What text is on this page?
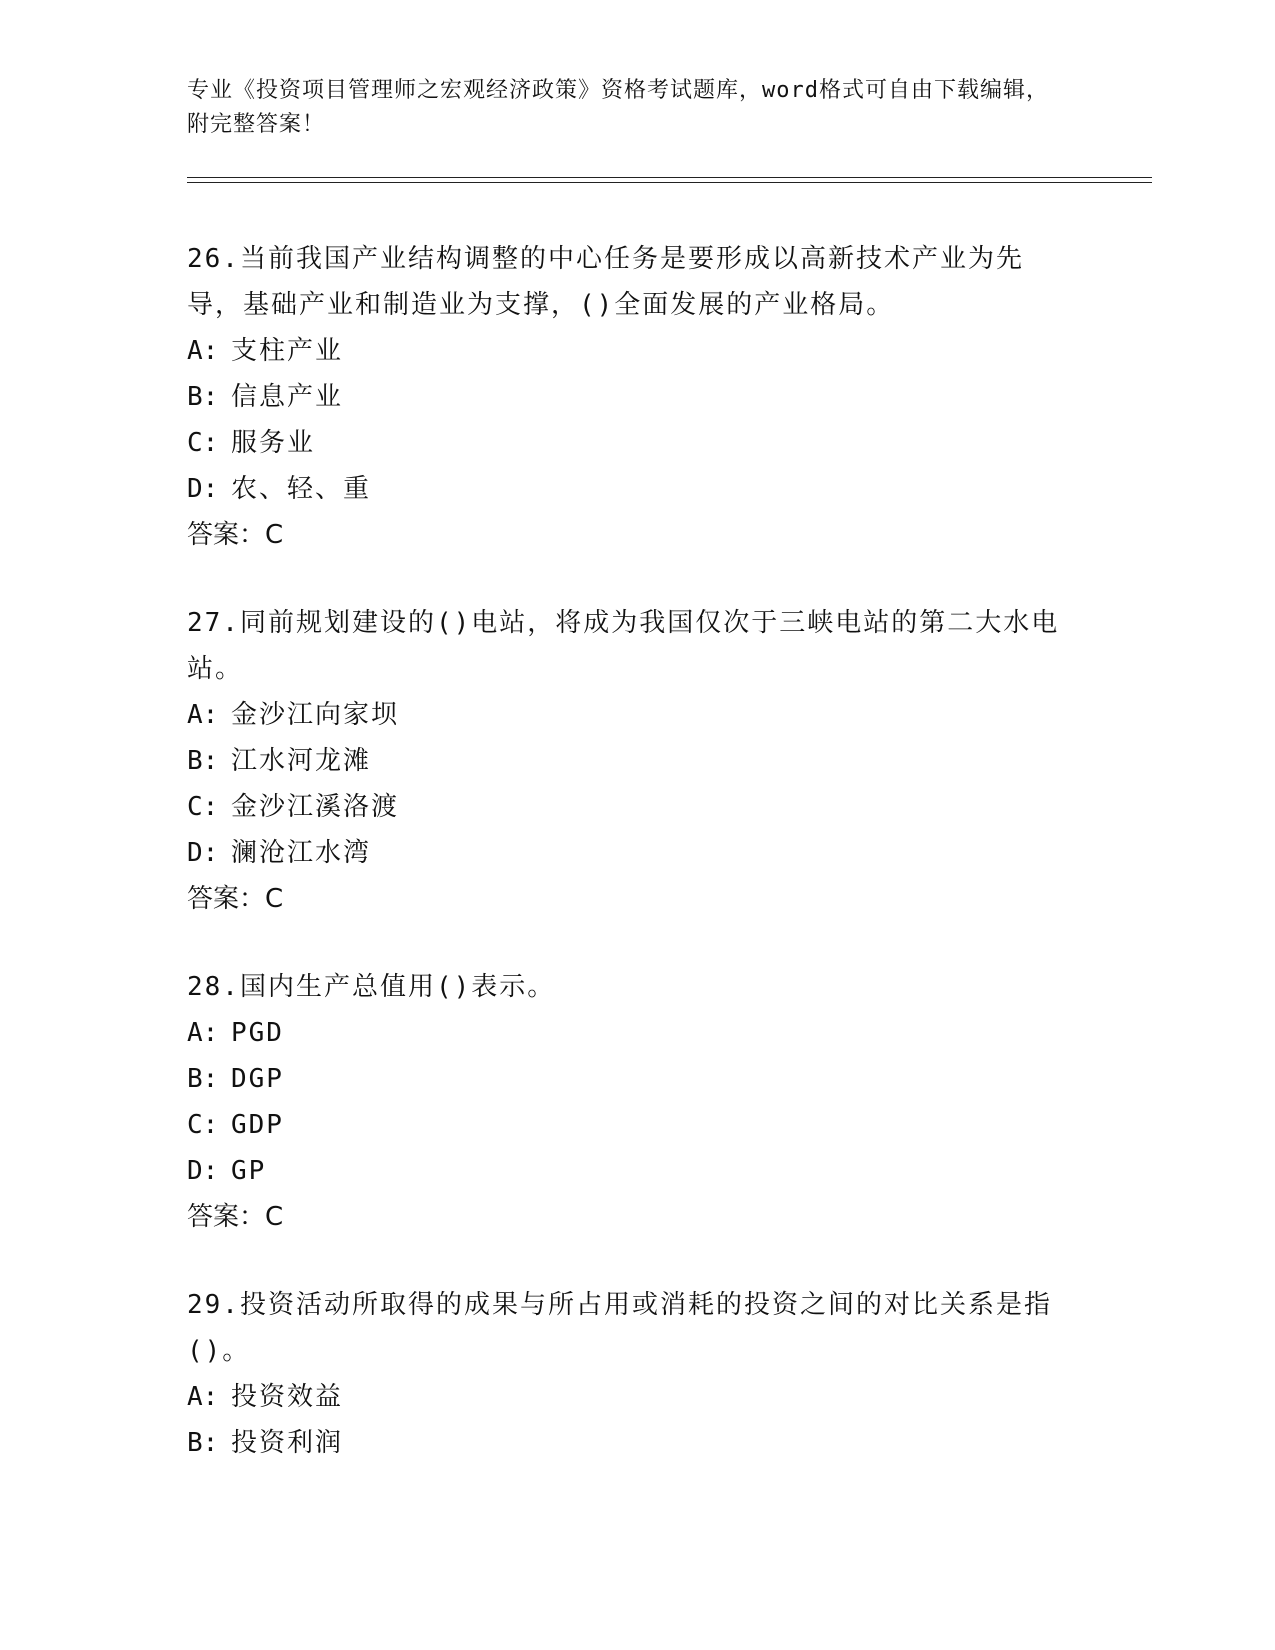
专业《投资项目管理师之宏观经济政策》资格考试题库，word格式可自由下载编辑，附完整答案！
26.当前我国产业结构调整的中心任务是要形成以高新技术产业为先导，基础产业和制造业为支撑，()全面发展的产业格局。
A: 支柱产业
B: 信息产业
C: 服务业
D: 农、轻、重
答案：C
27.同前规划建设的()电站，将成为我国仅次于三峡电站的第二大水电站。
A: 金沙江向家坝
B: 江水河龙滩
C: 金沙江溪洛渡
D: 澜沧江水湾
答案：C
28.国内生产总值用()表示。
A: PGD
B: DGP
C: GDP
D: GP
答案：C
29.投资活动所取得的成果与所占用或消耗的投资之间的对比关系是指()。
A: 投资效益
B: 投资利润
